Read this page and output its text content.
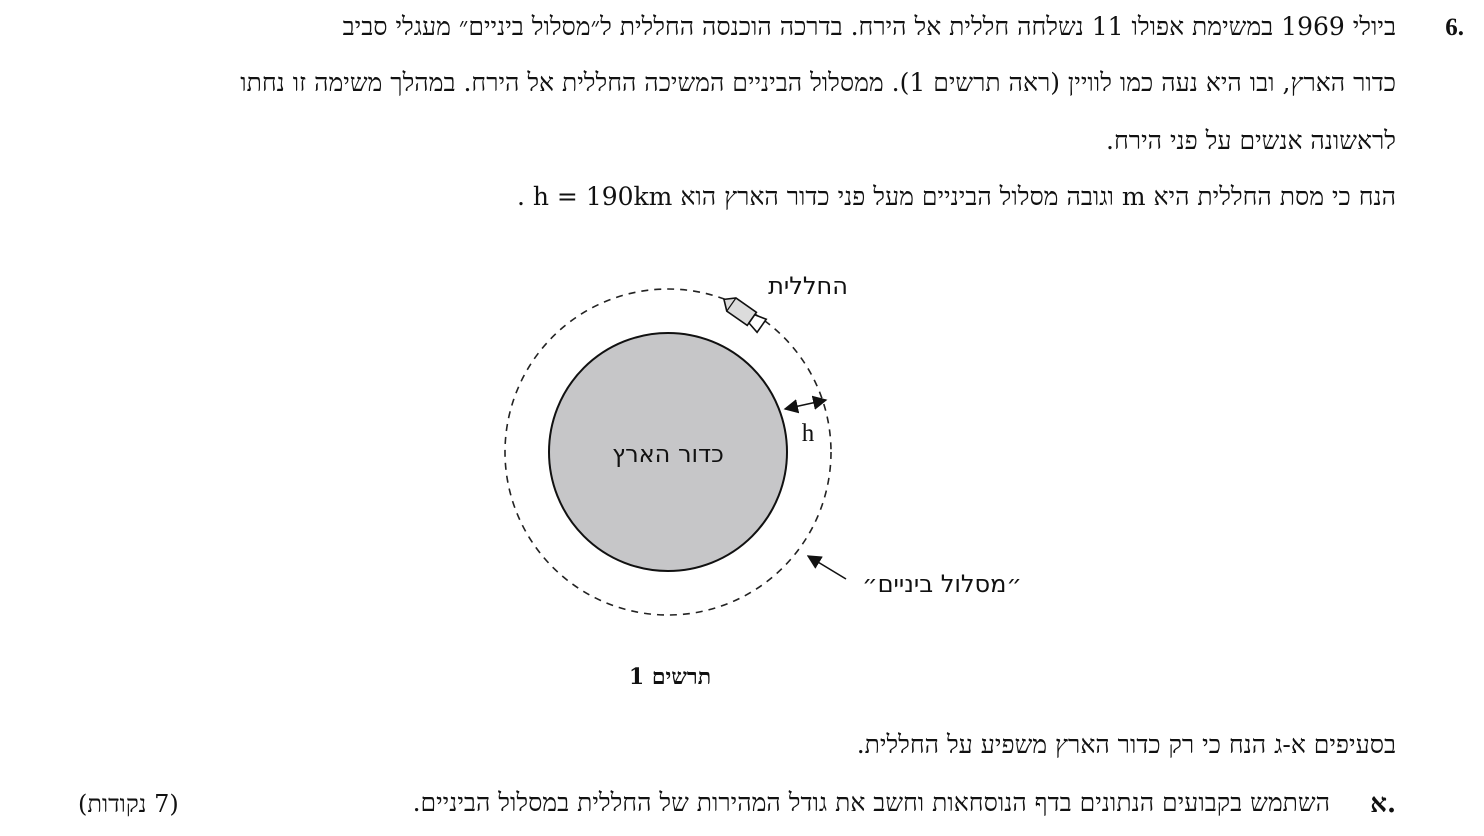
6.
ביולי 1969 במשימת אפולו 11 נשלחה חללית אל הירח. בדרכה הוכנסה החללית ל״מסלול ביניים״ מעגלי סביב
כדור הארץ, ובו היא נעה כמו לוויין (ראה תרשים 1). ממסלול הביניים המשיכה החללית אל הירח. במהלך משימה זו נחתו
לראשונה אנשים על פני הירח.
הנח כי מסת החללית היא m וגובה מסלול הביניים מעל פני כדור הארץ הוא h = 190km .
כדור הארץ
h
החללית
״מסלול ביניים״
תרשים 1
בסעיפים א-ג הנח כי רק כדור הארץ משפיע על החללית.
א.
השתמש בקבועים הנתונים בדף הנוסחאות וחשב את גודל המהירות של החללית במסלול הביניים.
(7 נקודות)
